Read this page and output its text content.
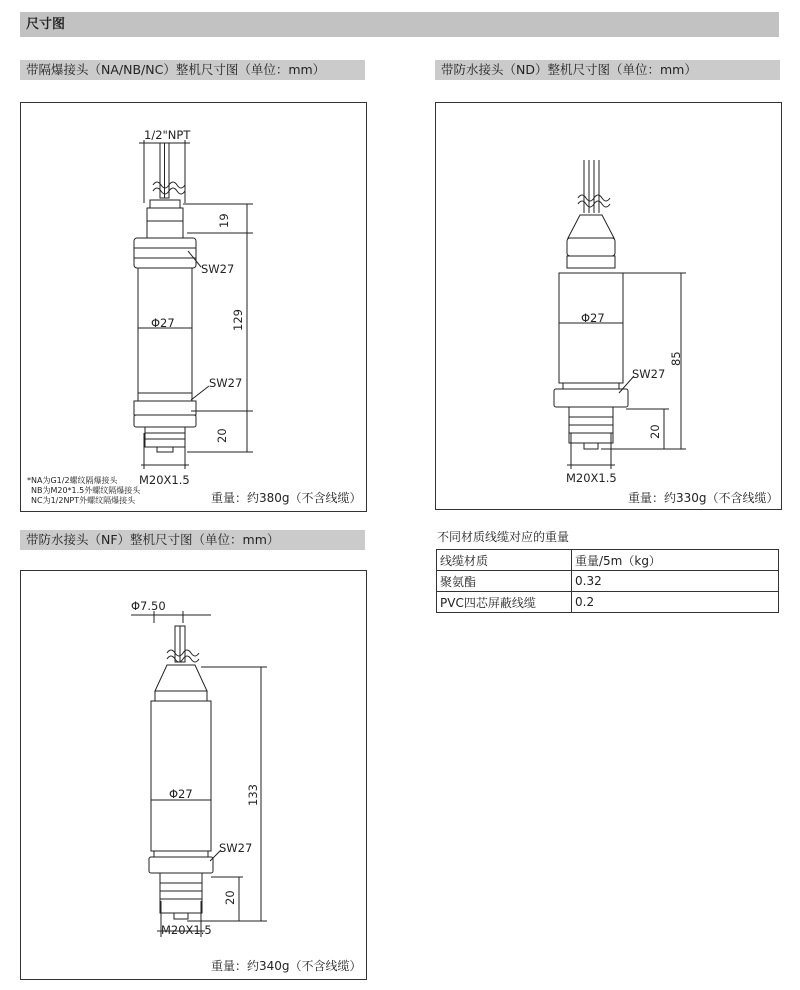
尺寸图
带隔爆接头（NA/NB/NC）整机尺寸图（单位：mm）
1/2"NPT
19
129
20
SW27
SW27
Φ27
M20X1.5
*NA为G1/2螺纹隔爆接头
NB为M20*1.5外螺纹隔爆接头
NC为1/2NPT外螺纹隔爆接头	重量：约380g（不含线缆）
带防水接头（ND）整机尺寸图（单位：mm）
Φ27
SW27
85
20
M20X1.5
重量：约330g（不含线缆）
不同材质线缆对应的重量
线缆材质	重量/5m（kg）
聚氨酯	0.32
PVC四芯屏蔽线缆	0.2
带防水接头（NF）整机尺寸图（单位：mm）
Φ7.50
Φ27
SW27
133
20
M20X1.5
重量：约340g（不含线缆）
